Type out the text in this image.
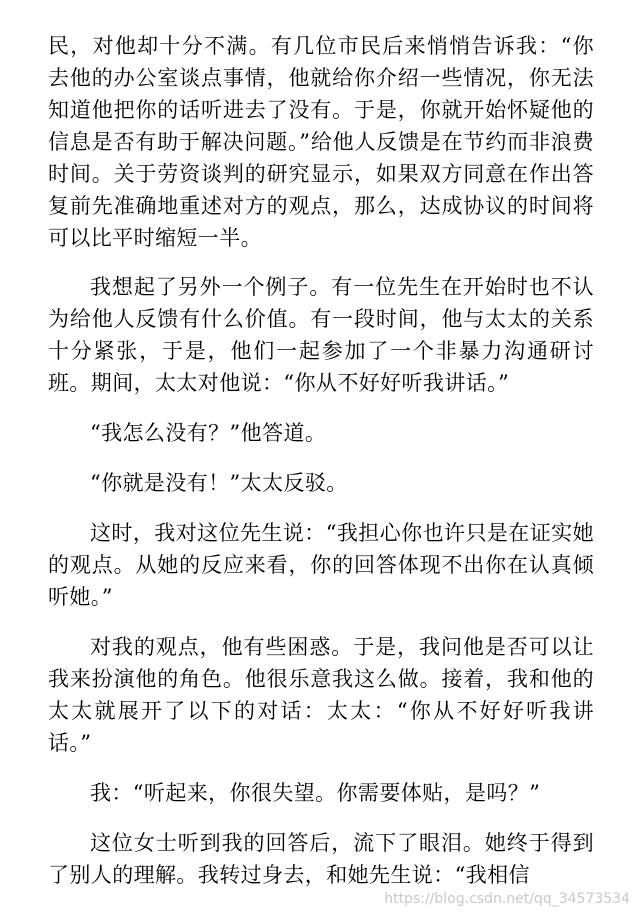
民，对他却十分不满。有几位市民后来悄悄告诉我：“你去他的办公室谈点事情，他就给你介绍一些情况，你无法知道他把你的话听进去了没有。于是，你就开始怀疑他的信息是否有助于解决问题。”给他人反馈是在节约而非浪费时间。关于劳资谈判的研究显示，如果双方同意在作出答复前先准确地重述对方的观点，那么，达成协议的时间将可以比平时缩短一半。

我想起了另外一个例子。有一位先生在开始时也不认为给他人反馈有什么价值。有一段时间，他与太太的关系十分紧张，于是，他们一起参加了一个非暴力沟通研讨班。期间，太太对他说：“你从不好好听我讲话。”

“我怎么没有？”他答道。

“你就是没有！”太太反驳。

这时，我对这位先生说：“我担心你也许只是在证实她的观点。从她的反应来看，你的回答体现不出你在认真倾听她。”

对我的观点，他有些困惑。于是，我问他是否可以让我来扮演他的角色。他很乐意我这么做。接着，我和他的太太就展开了以下的对话：太太：“你从不好好听我讲话。”

我：“听起来，你很失望。你需要体贴，是吗？”

这位女士听到我的回答后，流下了眼泪。她终于得到了别人的理解。我转过身去，和她先生说：“我相信

https://blog.csdn.net/qq_34573534
